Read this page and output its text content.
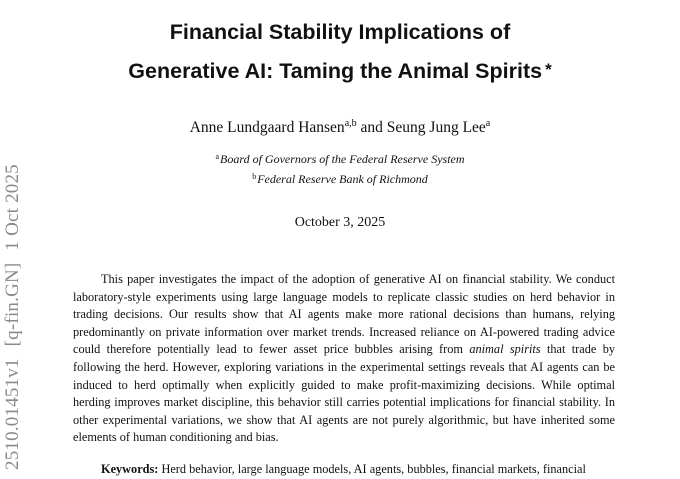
2510.01451v1[q-fin.GN]1 Oct 2025
Financial Stability Implications of
Generative AI: Taming the Animal Spirits *
Anne Lundgaard Hansen$^{a,b}$ and Seung Jung Lee$^a$
$^a$Board of Governors of the Federal Reserve System
$^b$Federal Reserve Bank of Richmond
October 3, 2025

This paper investigates the impact of the adoption of generative AI on financial stability. We conduct laboratory-style experiments using large language models to replicate classic studies on herd behavior in trading decisions. Our results show that AI agents make more rational decisions than humans, relying predominantly on private information over market trends. Increased reliance on AI-powered trading advice could therefore potentially lead to fewer asset price bubbles arising from animal spirits that trade by following the herd. However, exploring variations in the experimental settings reveals that AI agents can be induced to herd optimally when explicitly guided to make profit-maximizing decisions. While optimal herding improves market discipline, this behavior still carries potential implications for financial stability. In other experimental variations, we show that AI agents are not purely algorithmic, but have inherited some elements of human conditioning and bias.

Keywords: Herd behavior, large language models, AI agents, bubbles, financial markets, financial
